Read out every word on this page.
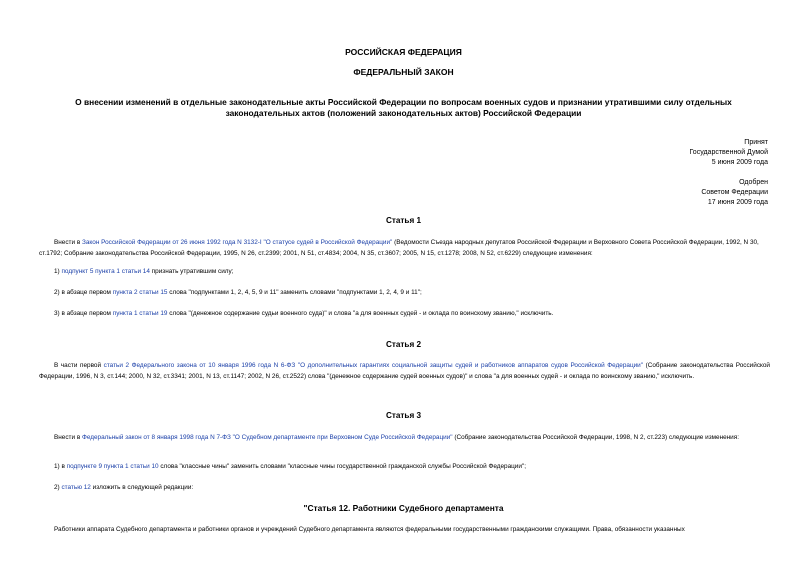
РОССИЙСКАЯ ФЕДЕРАЦИЯ
ФЕДЕРАЛЬНЫЙ ЗАКОН
О внесении изменений в отдельные законодательные акты Российской Федерации по вопросам военных судов и признании утратившими силу отдельных законодательных актов (положений законодательных актов) Российской Федерации
Принят
Государственной Думой
5 июня 2009 года
Одобрен
Советом Федерации
17 июня 2009 года
Статья 1
Внести в Закон Российской Федерации от 26 июня 1992 года N 3132-I "О статусе судей в Российской Федерации" (Ведомости Съезда народных депутатов Российской Федерации и Верховного Совета Российской Федерации, 1992, N 30, ст.1792; Собрание законодательства Российской Федерации, 1995, N 26, ст.2399; 2001, N 51, ст.4834; 2004, N 35, ст.3607; 2005, N 15, ст.1278; 2008, N 52, ст.6229) следующие изменения:
1) подпункт 5 пункта 1 статьи 14 признать утратившим силу;
2) в абзаце первом пункта 2 статьи 15 слова "подпунктами 1, 2, 4, 5, 9 и 11" заменить словами "подпунктами 1, 2, 4, 9 и 11";
3) в абзаце первом пункта 1 статьи 19 слова "(денежное содержание судьи военного суда)" и слова "а для военных судей - и оклада по воинскому званию," исключить.
Статья 2
В части первой статьи 2 Федерального закона от 10 января 1996 года N 6-ФЗ "О дополнительных гарантиях социальной защиты судей и работников аппаратов судов Российской Федерации" (Собрание законодательства Российской Федерации, 1996, N 3, ст.144; 2000, N 32, ст.3341; 2001, N 13, ст.1147; 2002, N 26, ст.2522) слова "(денежное содержание судей военных судов)" и слова "а для военных судей - и оклада по воинскому званию," исключить.
Статья 3
Внести в Федеральный закон от 8 января 1998 года N 7-ФЗ "О Судебном департаменте при Верховном Суде Российской Федерации" (Собрание законодательства Российской Федерации, 1998, N 2, ст.223) следующие изменения:
1) в подпункте 9 пункта 1 статьи 10 слова "классные чины" заменить словами "классные чины государственной гражданской службы Российской Федерации";
2) статью 12 изложить в следующей редакции:
"Статья 12. Работники Судебного департамента
Работники аппарата Судебного департамента и работники органов и учреждений Судебного департамента являются федеральными государственными гражданскими служащими. Права, обязанности указанных
